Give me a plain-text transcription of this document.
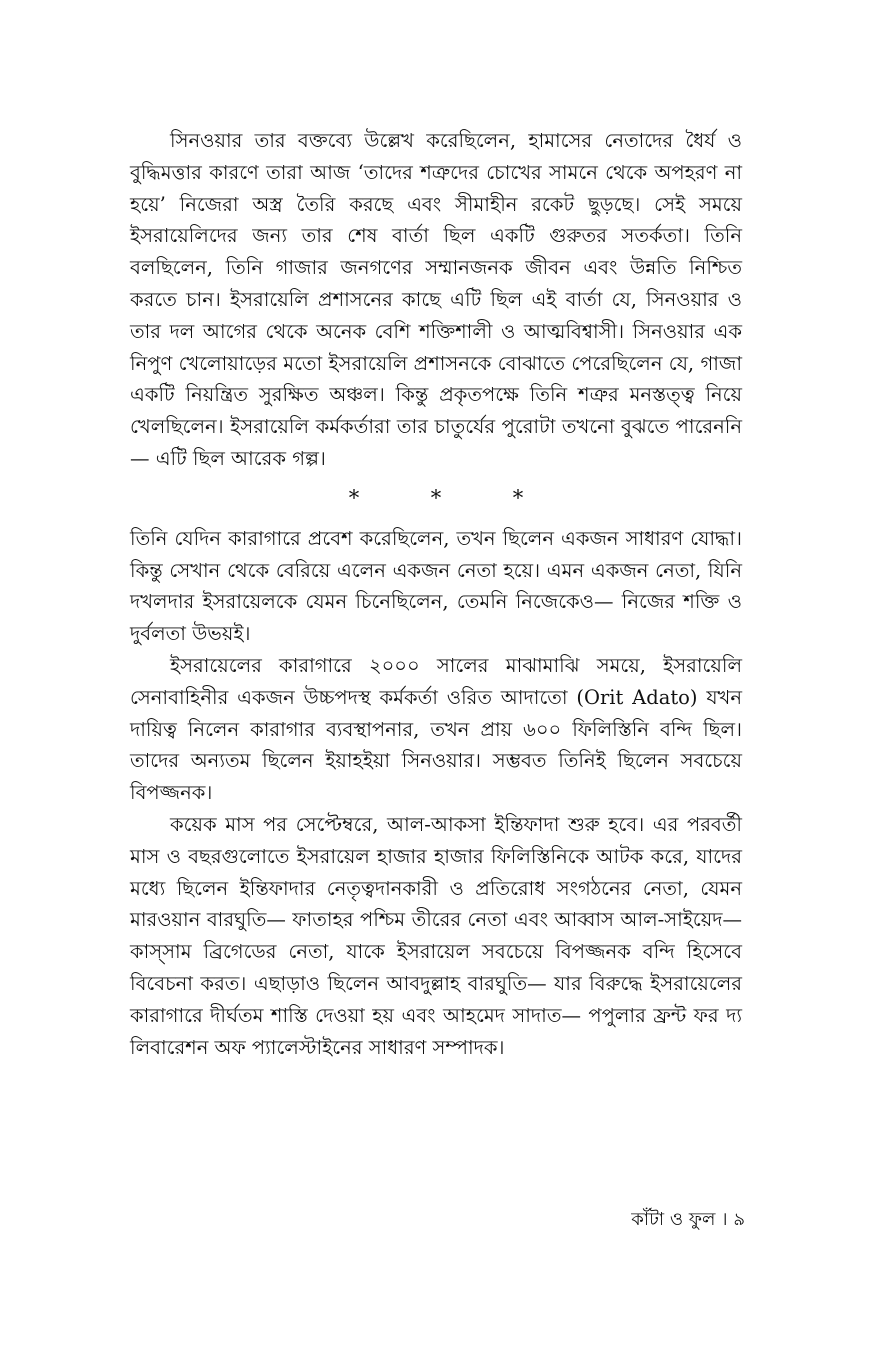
সিনওয়ার তার বক্তব্যে উল্লেখ করেছিলেন, হামাসের নেতাদের ধৈর্য ও বুদ্ধিমত্তার কারণে তারা আজ ‘তাদের শত্রুদের চোখের সামনে থেকে অপহরণ না হয়ে’ নিজেরা অস্ত্র তৈরি করছে এবং সীমাহীন রকেট ছুড়ছে। সেই সময়ে ইসরায়েলিদের জন্য তার শেষ বার্তা ছিল একটি গুরুতর সতর্কতা। তিনি বলছিলেন, তিনি গাজার জনগণের সম্মানজনক জীবন এবং উন্নতি নিশ্চিত করতে চান। ইসরায়েলি প্রশাসনের কাছে এটি ছিল এই বার্তা যে, সিনওয়ার ও তার দল আগের থেকে অনেক বেশি শক্তিশালী ও আত্মবিশ্বাসী। সিনওয়ার এক নিপুণ খেলোয়াড়ের মতো ইসরায়েলি প্রশাসনকে বোঝাতে পেরেছিলেন যে, গাজা একটি নিয়ন্ত্রিত সুরক্ষিত অঞ্চল। কিন্তু প্রকৃতপক্ষে তিনি শত্রুর মনস্তত্ত্ব নিয়ে খেলছিলেন। ইসরায়েলি কর্মকর্তারা তার চাতুর্যের পুরোটা তখনো বুঝতে পারেননি— এটি ছিল আরেক গল্প।

*	*	*

তিনি যেদিন কারাগারে প্রবেশ করেছিলেন, তখন ছিলেন একজন সাধারণ যোদ্ধা। কিন্তু সেখান থেকে বেরিয়ে এলেন একজন নেতা হয়ে। এমন একজন নেতা, যিনি দখলদার ইসরায়েলকে যেমন চিনেছিলেন, তেমনি নিজেকেও— নিজের শক্তি ও দুর্বলতা উভয়ই।

ইসরায়েলের কারাগারে ২০০০ সালের মাঝামাঝি সময়ে, ইসরায়েলি সেনাবাহিনীর একজন উচ্চপদস্থ কর্মকর্তা ওরিত আদাতো (Orit Adato) যখন দায়িত্ব নিলেন কারাগার ব্যবস্থাপনার, তখন প্রায় ৬০০ ফিলিস্তিনি বন্দি ছিল। তাদের অন্যতম ছিলেন ইয়াহইয়া সিনওয়ার। সম্ভবত তিনিই ছিলেন সবচেয়ে বিপজ্জনক।

কয়েক মাস পর সেপ্টেম্বরে, আল-আকসা ইন্তিফাদা শুরু হবে। এর পরবর্তী মাস ও বছরগুলোতে ইসরায়েল হাজার হাজার ফিলিস্তিনিকে আটক করে, যাদের মধ্যে ছিলেন ইন্তিফাদার নেতৃত্বদানকারী ও প্রতিরোধ সংগঠনের নেতা, যেমন মারওয়ান বারঘুতি— ফাতাহর পশ্চিম তীরের নেতা এবং আব্বাস আল-সাইয়েদ— কাস্সাম ব্রিগেডের নেতা, যাকে ইসরায়েল সবচেয়ে বিপজ্জনক বন্দি হিসেবে বিবেচনা করত। এছাড়াও ছিলেন আবদুল্লাহ বারঘুতি— যার বিরুদ্ধে ইসরায়েলের কারাগারে দীর্ঘতম শাস্তি দেওয়া হয় এবং আহমেদ সাদাত— পপুলার ফ্রন্ট ফর দ্য লিবারেশন অফ প্যালেস্টাইনের সাধারণ সম্পাদক।

কাঁটা ও ফুল । ৯
